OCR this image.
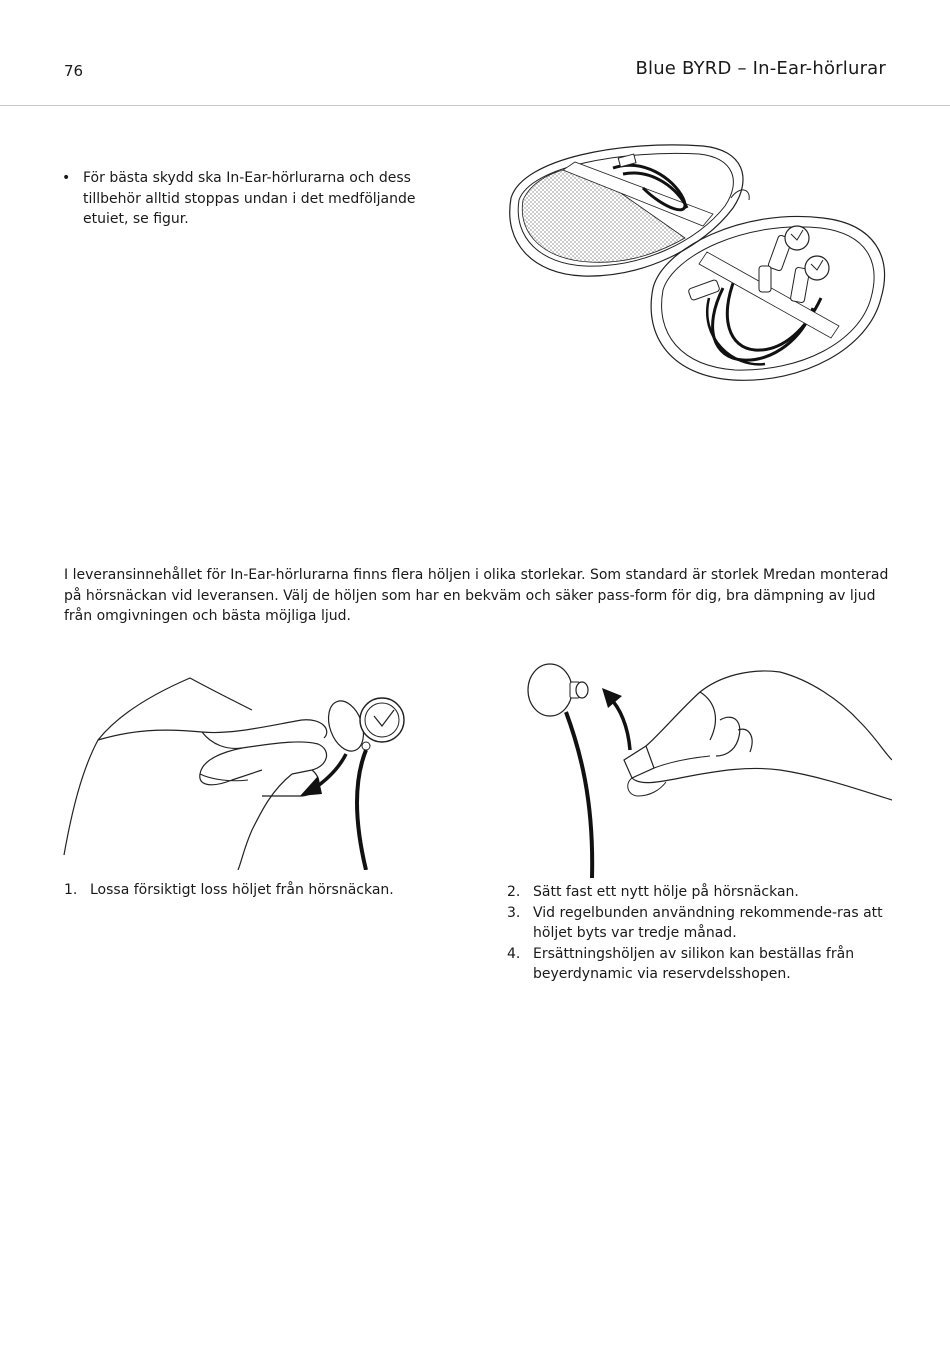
76	Blue BYRD – In-Ear-hörlurar
• För bästa skydd ska In-Ear-hörlurarna och dess tillbehör alltid stoppas undan i det medföljande etuiet, se figur.
I leveransinnehållet för In-Ear-hörlurarna finns flera höljen i olika storlekar. Som standard är storlek Mredan monterad på hörsnäckan vid leveransen. Välj de höljen som har en bekväm och säker pass-form för dig, bra dämpning av ljud från omgivningen och bästa möjliga ljud.
1. Lossa försiktigt loss höljet från hörsnäckan.	2. Sätt fast ett nytt hölje på hörsnäckan.
3. Vid regelbunden användning rekommende-ras att höljet byts var tredje månad.
4. Ersättningshöljen av silikon kan beställas från beyerdynamic via reservdelsshopen.
